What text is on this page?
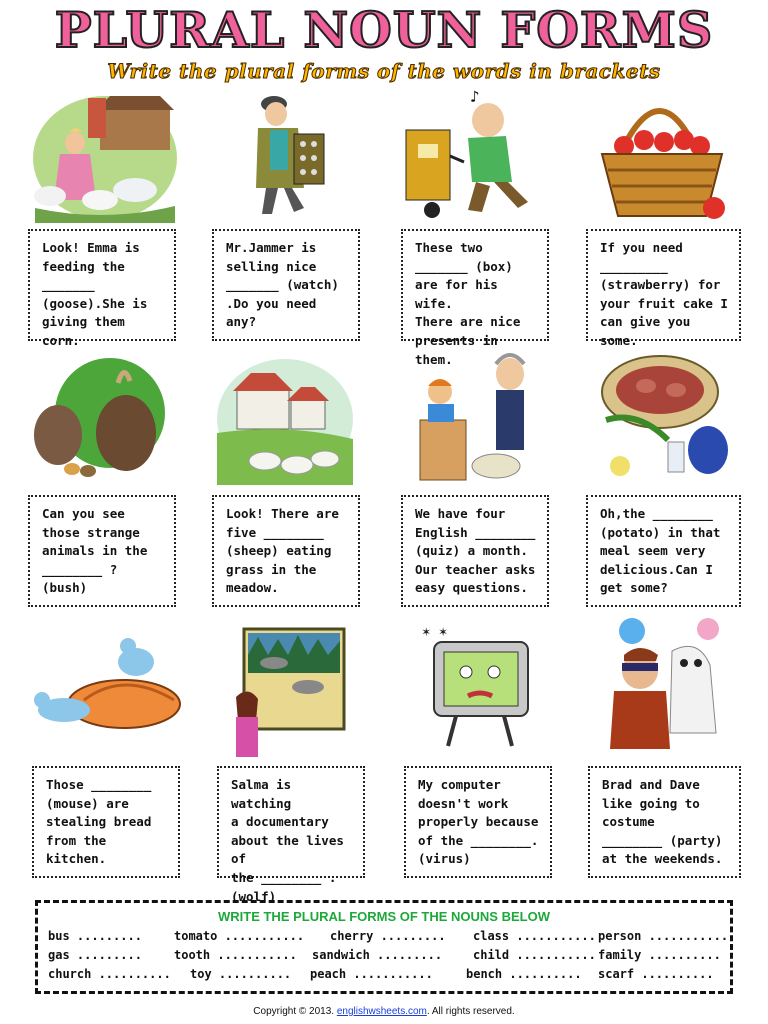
PLURAL NOUN FORMS
Write the plural forms of the words in brackets
♪
Look! Emma is
feeding the
_______
(goose).She is
giving them corn.
Mr.Jammer is
selling nice
_______ (watch)
.Do you need
any?
These two
_______ (box)
are for his wife.
There are nice
presents in them.
If you need
_________
(strawberry) for
your fruit cake I
can give you some.
Can you see
those strange
animals in the
________ ?
(bush)
Look! There are
five ________
(sheep) eating
grass in the
meadow.
We have four
English ________
(quiz) a month.
Our teacher asks
easy questions.
Oh,the ________
(potato) in that
meal seem very
delicious.Can I
get some?
✶ ✶
Those ________
(mouse) are
stealing bread
from the
kitchen.
Salma is watching
a documentary
about the lives of
the ________ .
(wolf)
My computer
doesn't work
properly because
of the ________.
(virus)
Brad and Dave
like going to
costume
________ (party)
at the weekends.
WRITE THE PLURAL FORMS OF THE NOUNS BELOW
bus .........	tomato ........... cherry ......... class ........... person ...........
gas .........	tooth ........... sandwich .........	child ........... family ..........
church .......... toy .......... peach ...........	bench .......... scarf ..........
Copyright © 2013. englishwsheets.com. All rights reserved.
